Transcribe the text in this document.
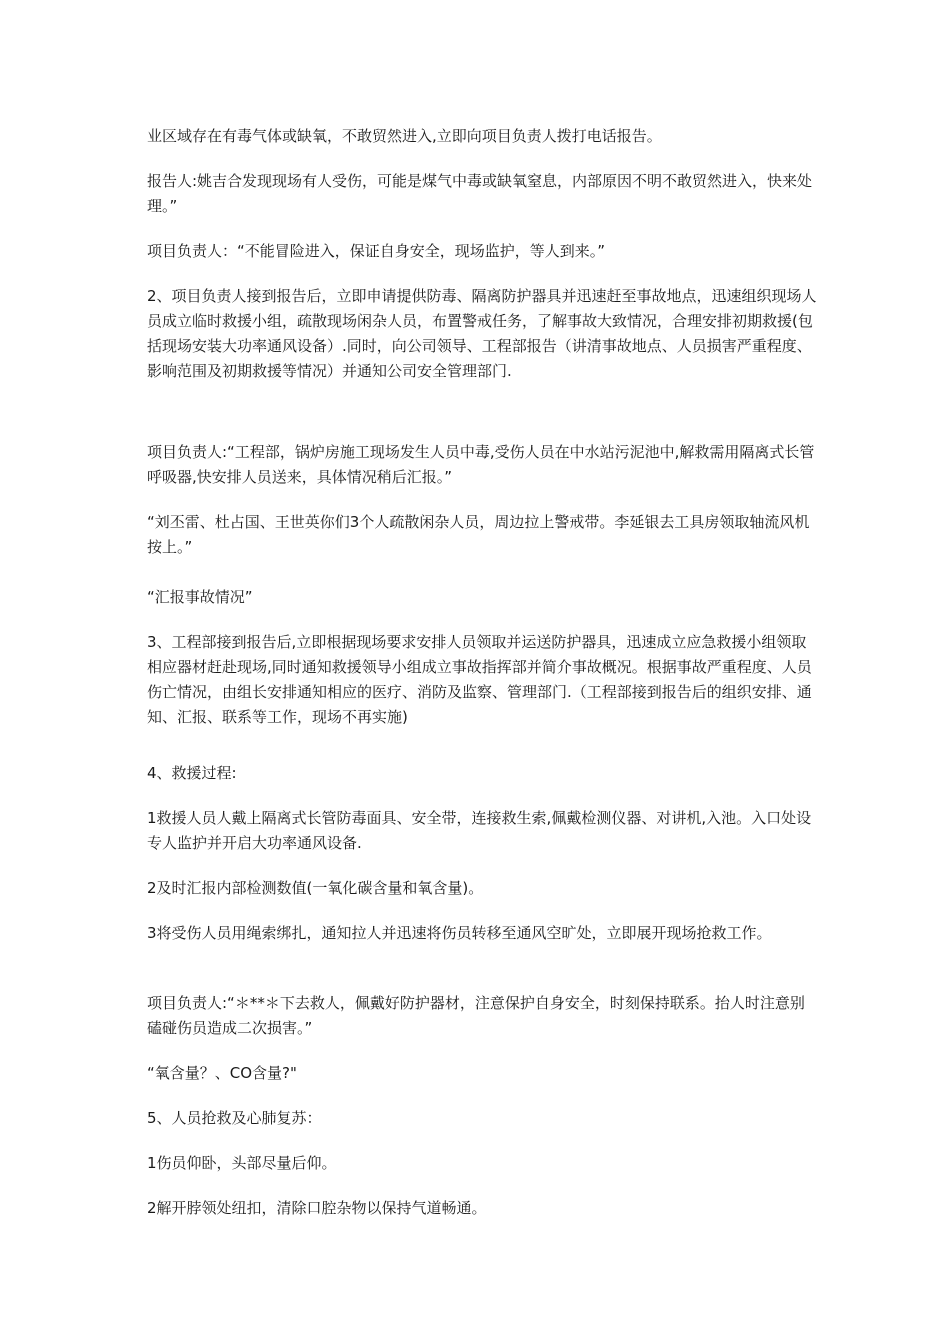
业区域存在有毒气体或缺氧，不敢贸然进入,立即向项目负责人拨打电话报告。

报告人:姚吉合发现现场有人受伤，可能是煤气中毒或缺氧窒息，内部原因不明不敢贸然进入，快来处理。”

项目负责人：“不能冒险进入，保证自身安全，现场监护，等人到来。”

2、项目负责人接到报告后，立即申请提供防毒、隔离防护器具并迅速赶至事故地点，迅速组织现场人员成立临时救援小组，疏散现场闲杂人员，布置警戒任务，了解事故大致情况，合理安排初期救援(包括现场安装大功率通风设备）.同时，向公司领导、工程部报告（讲清事故地点、人员损害严重程度、影响范围及初期救援等情况）并通知公司安全管理部门.

项目负责人:“工程部，锅炉房施工现场发生人员中毒,受伤人员在中水站污泥池中,解救需用隔离式长管呼吸器,快安排人员送来，具体情况稍后汇报。”

“刘丕雷、杜占国、王世英你们3个人疏散闲杂人员，周边拉上警戒带。李延银去工具房领取轴流风机按上。”

“汇报事故情况”

3、工程部接到报告后,立即根据现场要求安排人员领取并运送防护器具，迅速成立应急救援小组领取相应器材赶赴现场,同时通知救援领导小组成立事故指挥部并简介事故概况。根据事故严重程度、人员伤亡情况，由组长安排通知相应的医疗、消防及监察、管理部门.（工程部接到报告后的组织安排、通知、汇报、联系等工作，现场不再实施)

4、救援过程:

1救援人员人戴上隔离式长管防毒面具、安全带，连接救生索,佩戴检测仪器、对讲机,入池。入口处设专人监护并开启大功率通风设备.

2及时汇报内部检测数值(一氧化碳含量和氧含量)。

3将受伤人员用绳索绑扎，通知拉人并迅速将伤员转移至通风空旷处，立即展开现场抢救工作。

项目负责人:“＊**＊下去救人，佩戴好防护器材，注意保护自身安全，时刻保持联系。抬人时注意别磕碰伤员造成二次损害。”

“氧含量？、CO含量?"

5、人员抢救及心肺复苏：

1伤员仰卧，头部尽量后仰。

2解开脖领处纽扣，清除口腔杂物以保持气道畅通。
